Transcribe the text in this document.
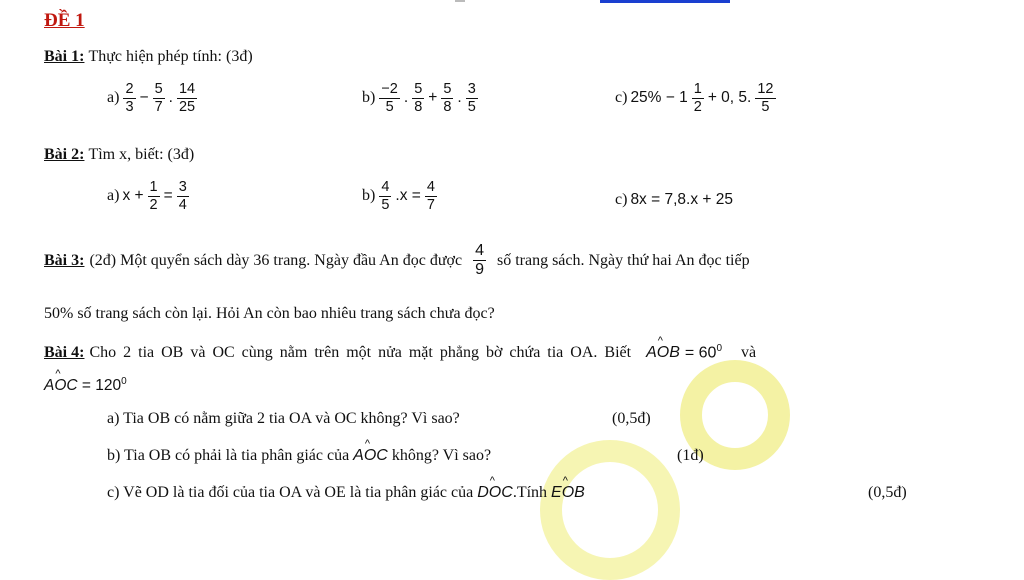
ĐỀ 1
Bài 1: Thực hiện phép tính: (3đ)
$a) \frac{2}{3} - \frac{5}{7}$ . $\frac{14}{25}$	$b) \frac{-2}{5}$ . $\frac{5}{8} + \frac{5}{8}$ . $\frac{3}{5}$	c) $25\% - 1 \frac{1}{2} + 0$, 5. $\frac{12}{5}$
Bài 2: Tìm x, biết: (3đ)
a) $x + \frac{1}{2} = \frac{3}{4}$	$b) \frac{4}{5} .x = \frac{4}{7}$	c) 8x = 7,8.x + 25
Bài 3: (2đ) Một quyển sách dày 36 trang. Ngày đầu An đọc được $\frac{4}{9}$ số trang sách. Ngày thứ hai An đọc tiếp
50% số trang sách còn lại. Hỏi An còn bao nhiêu trang sách chưa đọc?
Bài 4: Cho 2 tia OB và OC cùng nằm trên một nửa mặt phẳng bờ chứa tia OA. Biết A^ OB = $60^0$ và
A^ OC = $120^0$
a) Tia OB có nằm giữa 2 tia OA và OC không? Vì sao?	(0,5đ)
b) Tia OB có phải là tia phân giác của A^ OC không? Vì sao?	(1đ)
c) Vẽ OD là tia đối của tia OA và OE là tia phân giác của D^ OC.Tính E^ OB	(0,5đ)
